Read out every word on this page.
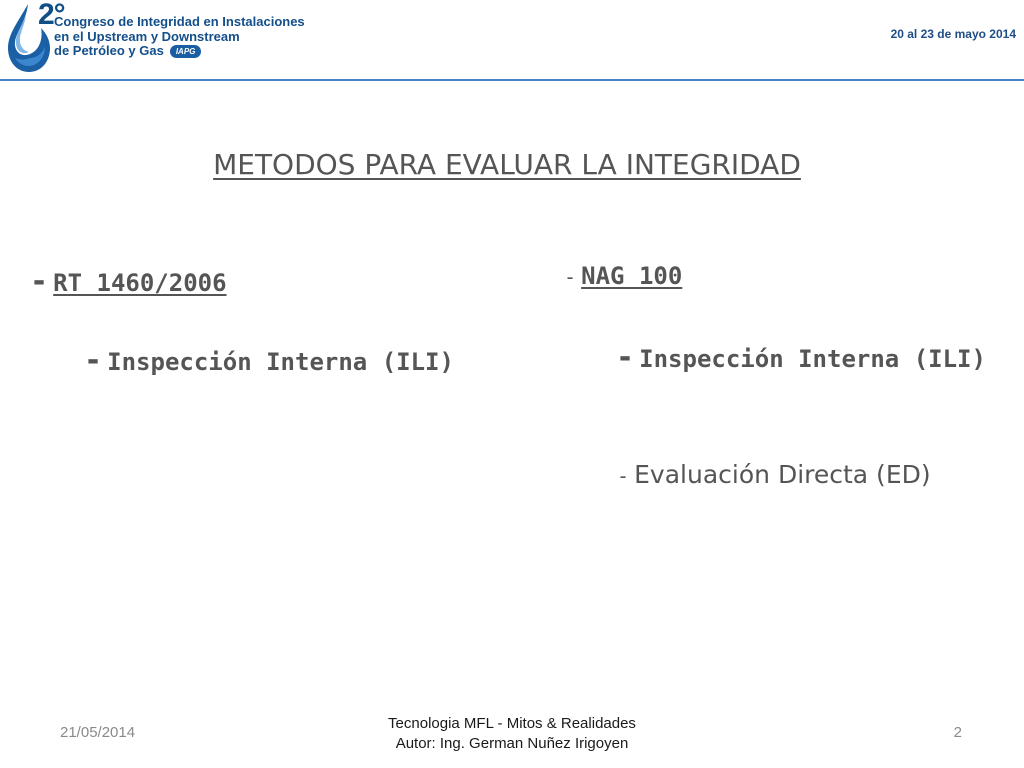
2°
Congreso de Integridad en Instalaciones
en el Upstream y Downstream
de Petróleo y Gas IAPG
20 al 23 de mayo 2014
METODOS PARA EVALUAR LA INTEGRIDAD

- RT 1460/2006

- Inspección Interna (ILI)

- NAG 100

- Inspección Interna (ILI)

- Evaluación Directa (ED)

21/05/2014
Tecnologia MFL - Mitos & Realidades
Autor: Ing. German Nuñez Irigoyen
2
